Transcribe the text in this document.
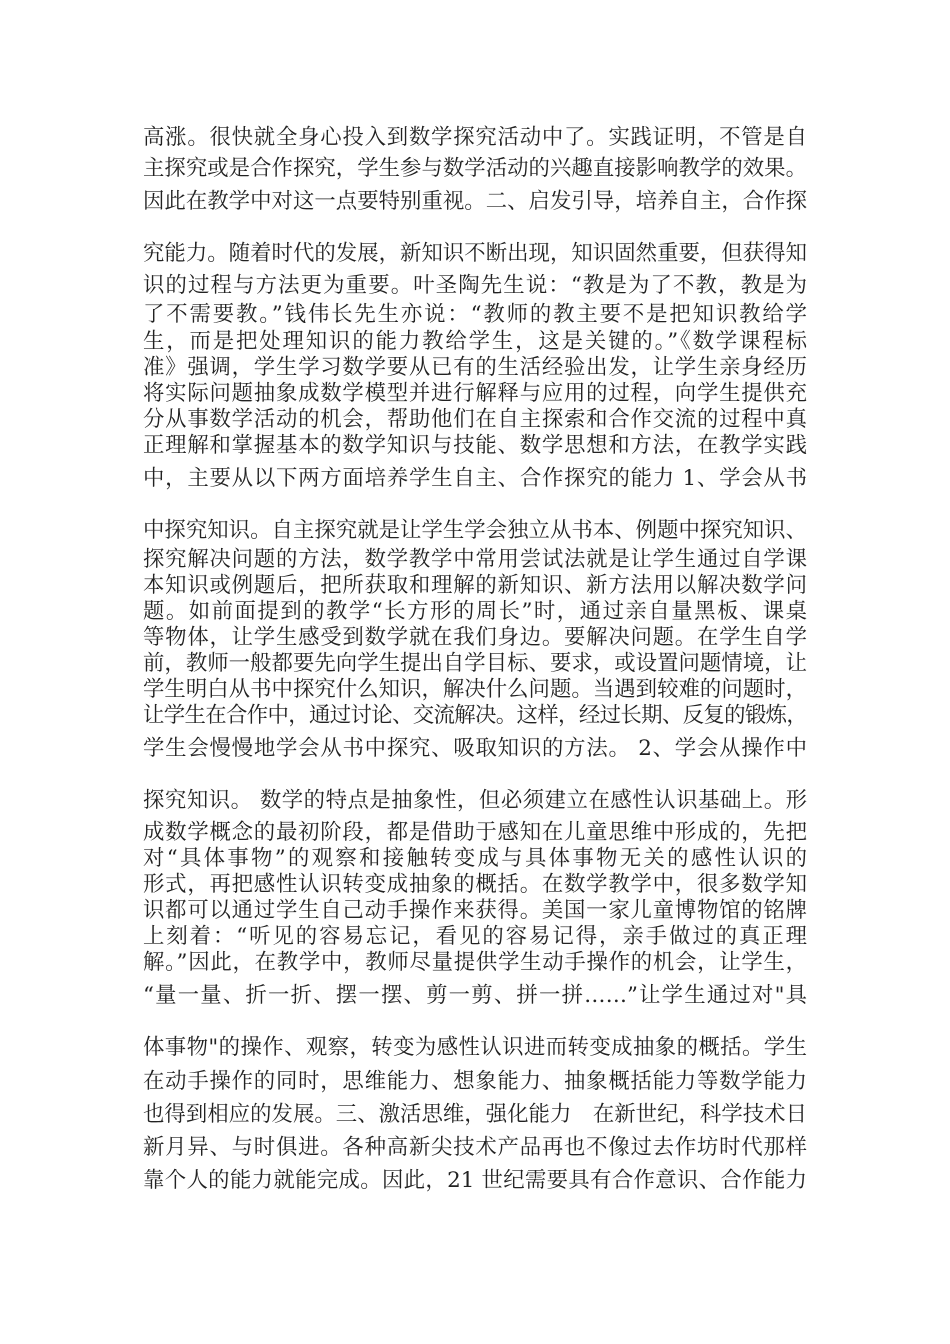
高涨。很快就全身心投入到数学探究活动中了。实践证明，不管是自
主探究或是合作探究，学生参与数学活动的兴趣直接影响教学的效果。
因此在教学中对这一点要特别重视。二、启发引导，培养自主，合作探
究能力。随着时代的发展，新知识不断出现，知识固然重要，但获得知
识的过程与方法更为重要。叶圣陶先生说：“教是为了不教，教是为
了不需要教。”钱伟长先生亦说：“教师的教主要不是把知识教给学
生，而是把处理知识的能力教给学生，这是关键的。”《数学课程标
准》强调，学生学习数学要从已有的生活经验出发，让学生亲身经历
将实际问题抽象成数学模型并进行解释与应用的过程，向学生提供充
分从事数学活动的机会，帮助他们在自主探索和合作交流的过程中真
正理解和掌握基本的数学知识与技能、数学思想和方法，在教学实践
中，主要从以下两方面培养学生自主、合作探究的能力 1、学会从书
中探究知识。自主探究就是让学生学会独立从书本、例题中探究知识、
探究解决问题的方法，数学教学中常用尝试法就是让学生通过自学课
本知识或例题后，把所获取和理解的新知识、新方法用以解决数学问
题。如前面提到的教学“长方形的周长”时，通过亲自量黑板、课桌
等物体，让学生感受到数学就在我们身边。要解决问题。在学生自学
前，教师一般都要先向学生提出自学目标、要求，或设置问题情境，让
学生明白从书中探究什么知识，解决什么问题。当遇到较难的问题时，
让学生在合作中，通过讨论、交流解决。这样，经过长期、反复的锻炼，
学生会慢慢地学会从书中探究、吸取知识的方法。 2、学会从操作中
探究知识。 数学的特点是抽象性，但必须建立在感性认识基础上。形
成数学概念的最初阶段，都是借助于感知在儿童思维中形成的，先把
对“具体事物”的观察和接触转变成与具体事物无关的感性认识的
形式，再把感性认识转变成抽象的概括。在数学教学中，很多数学知
识都可以通过学生自己动手操作来获得。美国一家儿童博物馆的铭牌
上刻着：“听见的容易忘记，看见的容易记得，亲手做过的真正理
解。”因此，在教学中，教师尽量提供学生动手操作的机会，让学生，
“量一量、折一折、摆一摆、剪一剪、拼一拼……”让学生通过对"具
体事物"的操作、观察，转变为感性认识进而转变成抽象的概括。学生
在动手操作的同时，思维能力、想象能力、抽象概括能力等数学能力
也得到相应的发展。三、激活思维，强化能力　在新世纪，科学技术日
新月异、与时俱进。各种高新尖技术产品再也不像过去作坊时代那样
靠个人的能力就能完成。因此，21 世纪需要具有合作意识、合作能力
